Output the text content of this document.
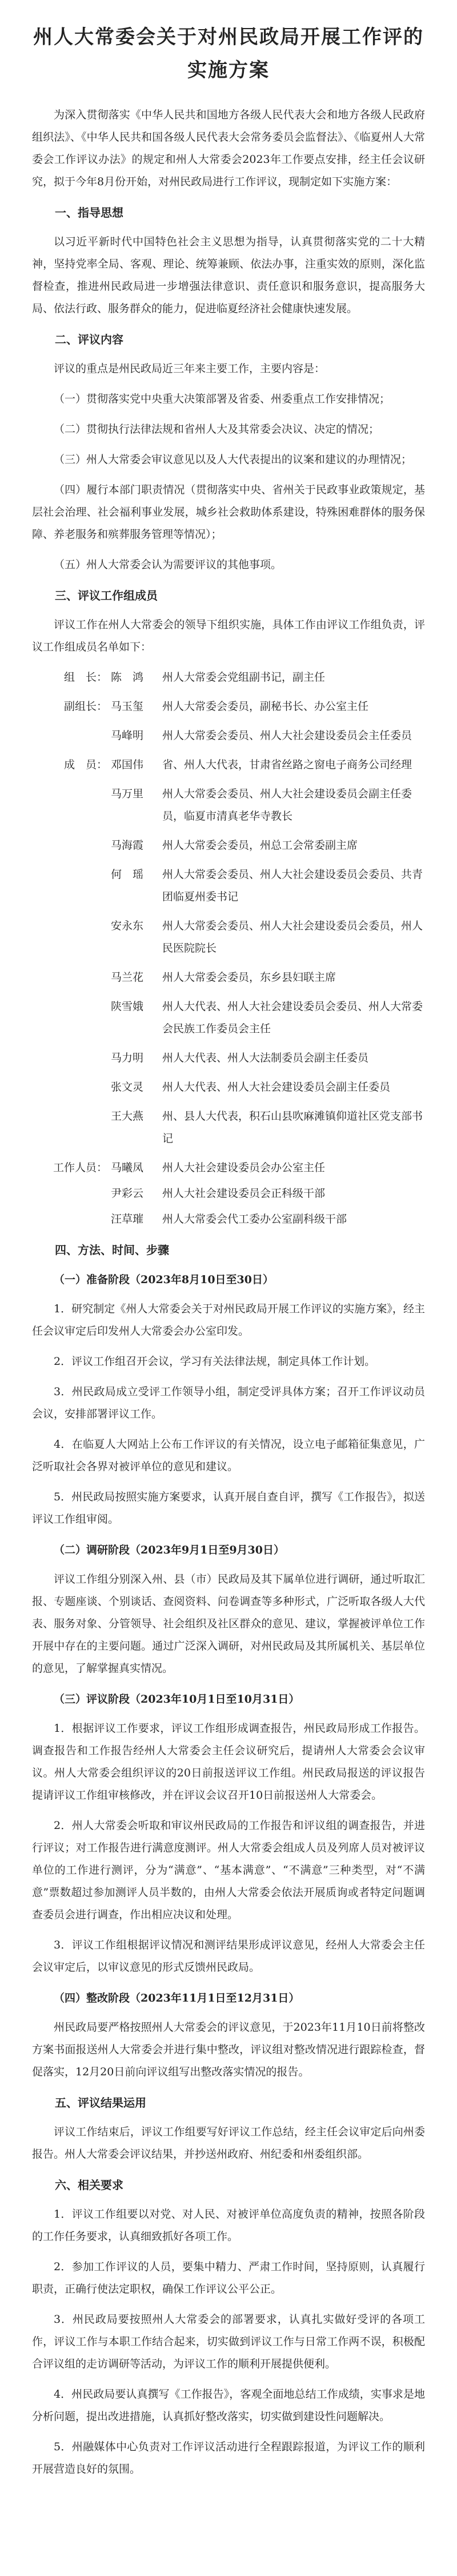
州人大常委会关于对州民政局开展工作评的实施方案

为深入贯彻落实《中华人民共和国地方各级人民代表大会和地方各级人民政府组织法》、《中华人民共和国各级人民代表大会常务委员会监督法》、《临夏州人大常委会工作评议办法》的规定和州人大常委会2023年工作要点安排，经主任会议研究，拟于今年8月份开始，对州民政局进行工作评议，现制定如下实施方案：

一、指导思想

以习近平新时代中国特色社会主义思想为指导，认真贯彻落实党的二十大精神，坚持党率全局、客观、理论、统筹兼顾、依法办事，注重实效的原则，深化监督检查，推进州民政局进一步增强法律意识、责任意识和服务意识，提高服务大局、依法行政、服务群众的能力，促进临夏经济社会健康快速发展。

二、评议内容

评议的重点是州民政局近三年来主要工作，主要内容是：

（一）贯彻落实党中央重大决策部署及省委、州委重点工作安排情况；

（二）贯彻执行法律法规和省州人大及其常委会决议、决定的情况；

（三）州人大常委会审议意见以及人大代表提出的议案和建议的办理情况；

（四）履行本部门职责情况（贯彻落实中央、省州关于民政事业政策规定，基层社会治理、社会福利事业发展，城乡社会救助体系建设，特殊困难群体的服务保障、养老服务和殡葬服务管理等情况）；

（五）州人大常委会认为需要评议的其他事项。

三、评议工作组成员

评议工作在州人大常委会的领导下组织实施，具体工作由评议工作组负责，评议工作组成员名单如下：

组　长： 陈　鸿	州人大常委会党组副书记，副主任
副组长： 马玉玺	州人大常委会委员，副秘书长、办公室主任
马峰明	州人大常委会委员、州人大社会建设委员会主任委员
成　员： 邓国伟	省、州人大代表，甘肃省丝路之窗电子商务公司经理
马万里	州人大常委会委员、州人大社会建设委员会副主任委员，临夏市清真老华寺教长
马海霞	州人大常委会委员，州总工会常委副主席
何　瑶	州人大常委会委员、州人大社会建设委员会委员、共青团临夏州委书记
安永东	州人大常委会委员、州人大社会建设委员会委员，州人民医院院长
马兰花	州人大常委会委员，东乡县妇联主席
陕雪娥	州人大代表、州人大社会建设委员会委员、州人大常委会民族工作委员会主任
马力明	州人大代表、州人大法制委员会副主任委员
张文灵	州人大代表、州人大社会建设委员会副主任委员
王大燕	州、县人大代表，积石山县吹麻滩镇仰道社区党支部书记
工作人员： 马曦凤	州人大社会建设委员会办公室主任
尹彩云	州人大社会建设委员会正科级干部
汪草璀	州人大常委会代工委办公室副科级干部

四、方法、时间、步骤

（一）准备阶段（2023年8月10日至30日）

1．研究制定《州人大常委会关于对州民政局开展工作评议的实施方案》，经主任会议审定后印发州人大常委会办公室印发。

2．评议工作组召开会议，学习有关法律法规，制定具体工作计划。

3．州民政局成立受评工作领导小组，制定受评具体方案；召开工作评议动员会议，安排部署评议工作。

4．在临夏人大网站上公布工作评议的有关情况，设立电子邮箱征集意见，广泛听取社会各界对被评单位的意见和建议。

5．州民政局按照实施方案要求，认真开展自查自评，撰写《工作报告》，拟送评议工作组审阅。

（二）调研阶段（2023年9月1日至9月30日）

评议工作组分别深入州、县（市）民政局及其下属单位进行调研，通过听取汇报、专题座谈、个别谈话、查阅资料、问卷调查等多种形式，广泛听取各级人大代表、服务对象、分管领导、社会组织及社区群众的意见、建议，掌握被评单位工作开展中存在的主要问题。通过广泛深入调研，对州民政局及其所属机关、基层单位的意见，了解掌握真实情况。

（三）评议阶段（2023年10月1日至10月31日）

1．根据评议工作要求，评议工作组形成调查报告，州民政局形成工作报告。调查报告和工作报告经州人大常委会主任会议研究后，提请州人大常委会会议审议。州人大常委会组织评议的20日前报送评议工作组。州民政局报送的评议报告提请评议工作组审核修改，并在评议会议召开10日前报送州人大常委会。

2．州人大常委会听取和审议州民政局的工作报告和评议组的调查报告，并进行评议；对工作报告进行满意度测评。州人大常委会组成人员及列席人员对被评议单位的工作进行测评，分为“满意”、“基本满意”、“不满意”三种类型，对“不满意”票数超过参加测评人员半数的，由州人大常委会依法开展质询或者特定问题调查委员会进行调查，作出相应决议和处理。

3．评议工作组根据评议情况和测评结果形成评议意见，经州人大常委会主任会议审定后，以审议意见的形式反馈州民政局。

（四）整改阶段（2023年11月1日至12月31日）

州民政局要严格按照州人大常委会的评议意见，于2023年11月10日前将整改方案书面报送州人大常委会并进行集中整改，评议组对整改情况进行跟踪检查，督促落实，12月20日前向评议组写出整改落实情况的报告。

五、评议结果运用

评议工作结束后，评议工作组要写好评议工作总结，经主任会议审定后向州委报告。州人大常委会评议结果，并抄送州政府、州纪委和州委组织部。

六、相关要求

1．评议工作组要以对党、对人民、对被评单位高度负责的精神，按照各阶段的工作任务要求，认真细致抓好各项工作。

2．参加工作评议的人员，要集中精力、严肃工作时间，坚持原则，认真履行职责，正确行使法定职权，确保工作评议公平公正。

3．州民政局要按照州人大常委会的部署要求，认真扎实做好受评的各项工作，评议工作与本职工作结合起来，切实做到评议工作与日常工作两不误，积极配合评议组的走访调研等活动，为评议工作的顺利开展提供便利。

4．州民政局要认真撰写《工作报告》，客观全面地总结工作成绩，实事求是地分析问题，提出改进措施，认真抓好整改落实，切实做到建设性问题解决。

5．州融媒体中心负责对工作评议活动进行全程跟踪报道，为评议工作的顺利开展营造良好的氛围。
